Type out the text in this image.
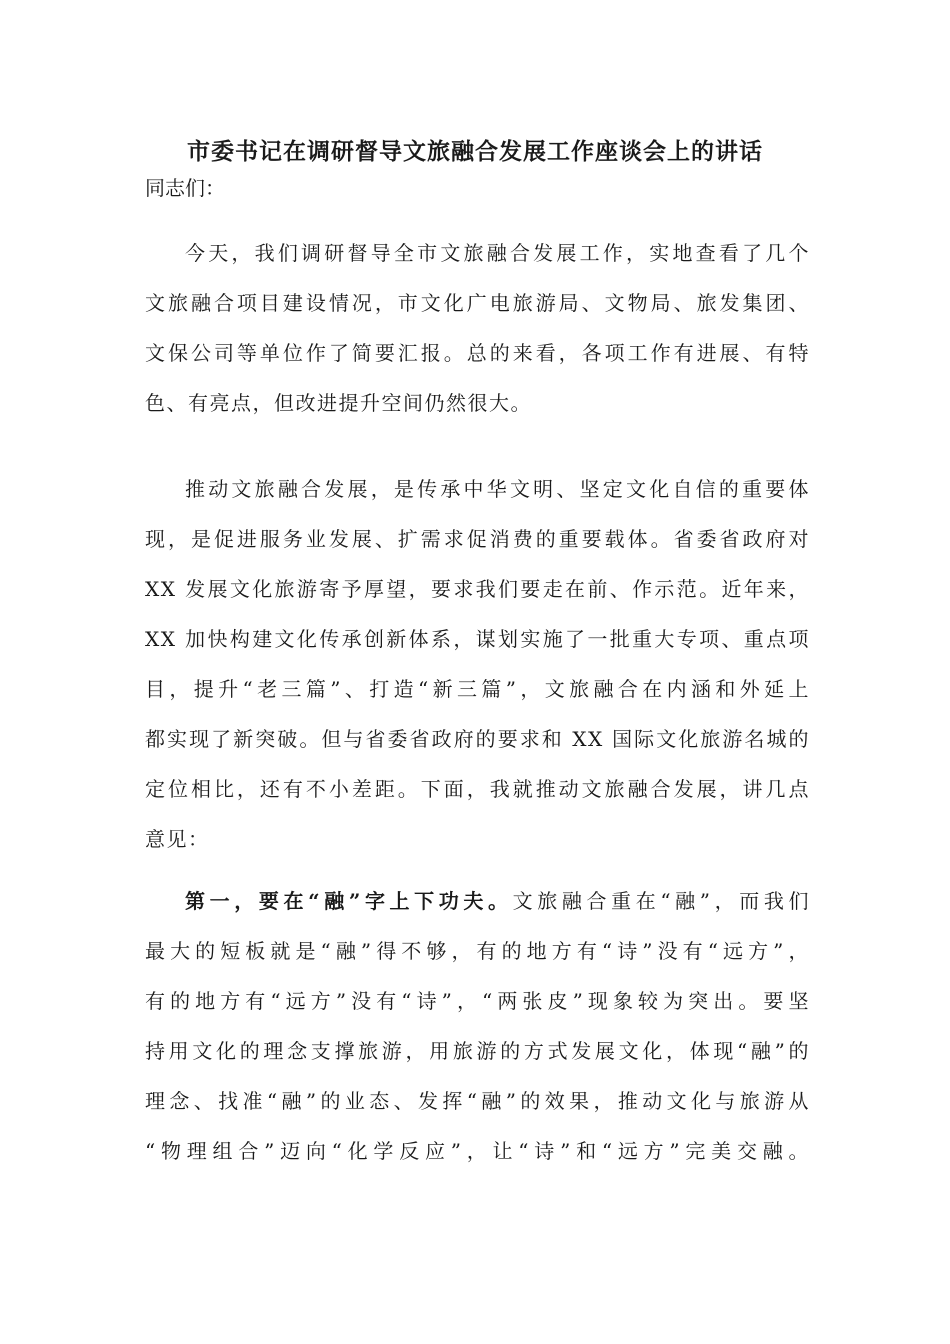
市委书记在调研督导文旅融合发展工作座谈会上的讲话
同志们：
今天，我们调研督导全市文旅融合发展工作，实地查看了几个
文旅融合项目建设情况，市文化广电旅游局、文物局、旅发集团、
文保公司等单位作了简要汇报。总的来看，各项工作有进展、有特
色、有亮点，但改进提升空间仍然很大。
推动文旅融合发展，是传承中华文明、坚定文化自信的重要体
现，是促进服务业发展、扩需求促消费的重要载体。省委省政府对
XX 发展文化旅游寄予厚望，要求我们要走在前、作示范。近年来，
XX 加快构建文化传承创新体系，谋划实施了一批重大专项、重点项
目，提升“老三篇”、打造“新三篇”，文旅融合在内涵和外延上
都实现了新突破。但与省委省政府的要求和 XX 国际文化旅游名城的
定位相比，还有不小差距。下面，我就推动文旅融合发展，讲几点
意见：
第一，要在“融”字上下功夫。文旅融合重在“融”，而我们
最大的短板就是“融”得不够，有的地方有“诗”没有“远方”，
有的地方有“远方”没有“诗”，“两张皮”现象较为突出。要坚
持用文化的理念支撑旅游，用旅游的方式发展文化，体现“融”的
理念、找准“融”的业态、发挥“融”的效果，推动文化与旅游从
“物理组合”迈向“化学反应”，让“诗”和“远方”完美交融。
